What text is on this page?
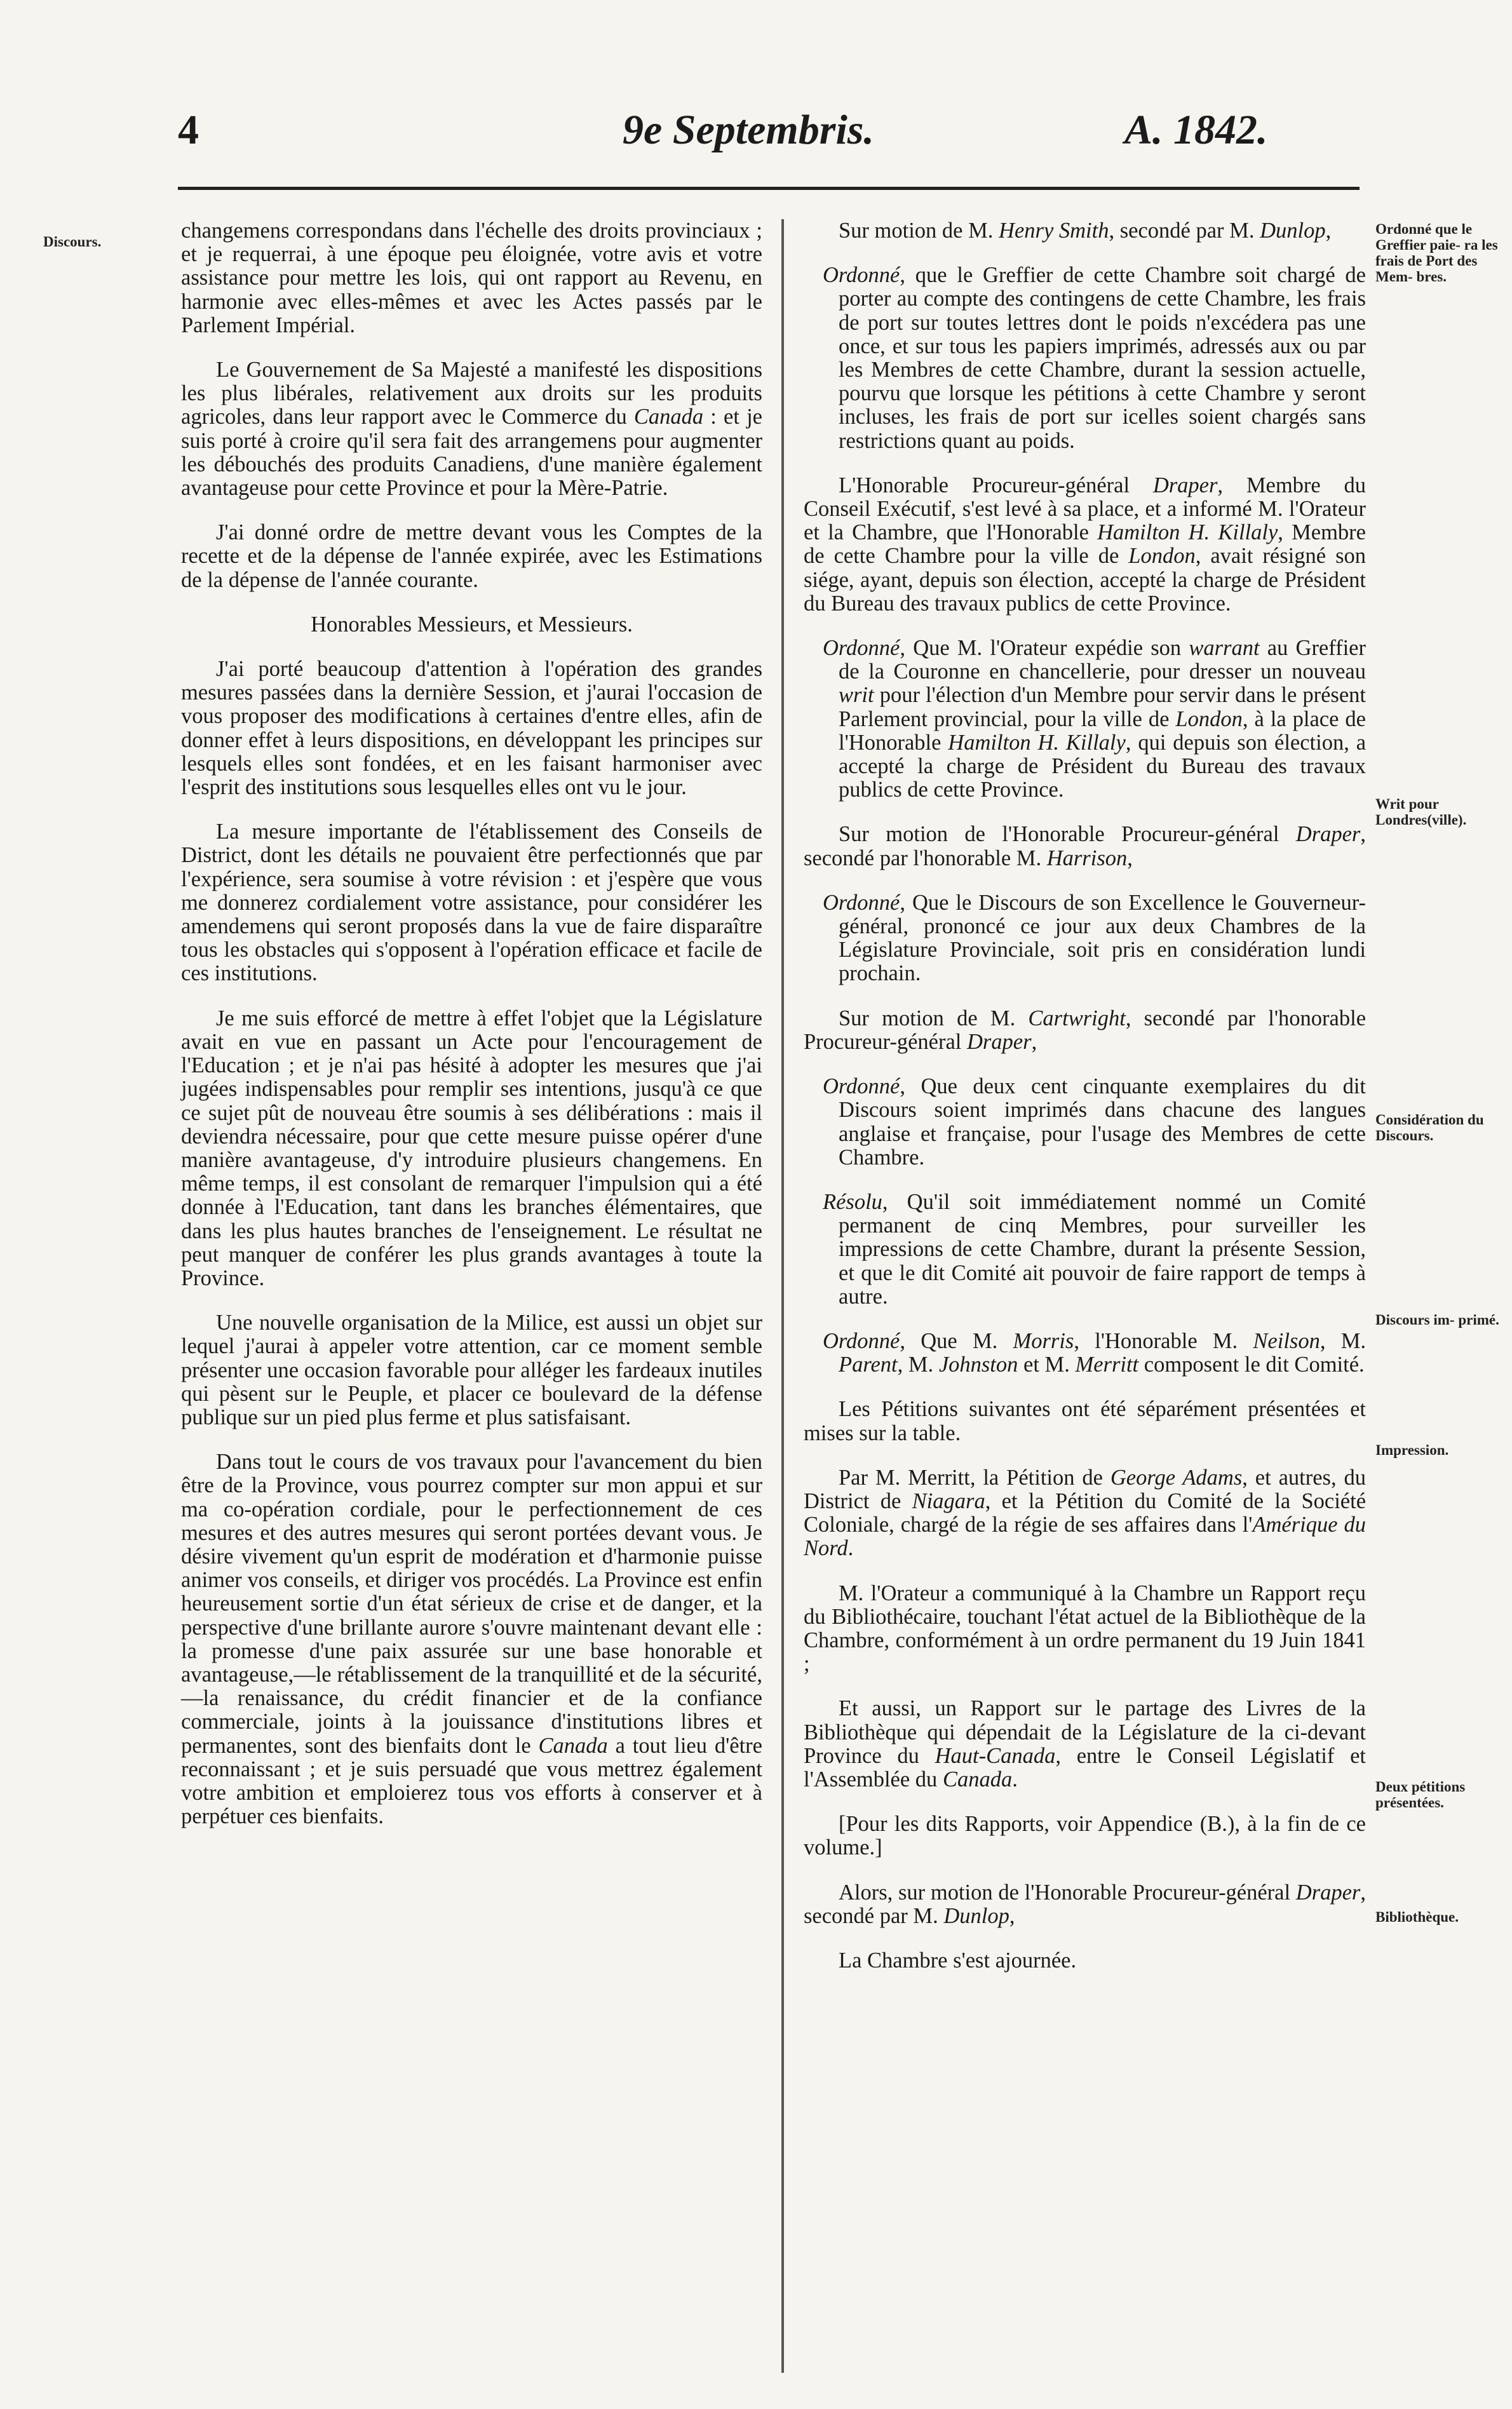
4	9e Septembris.	A. 1842.
Discours.
Ordonné que le Greffier paie- ra les frais de Port des Mem- bres.
Writ pour Londres(ville).
Considération du Discours.
Discours im- primé.
Impression.
Deux pétitions présentées.
Bibliothèque.

changemens correspondans dans l'échelle des droits provinciaux ; et je requerrai, à une époque peu éloignée, votre avis et votre assistance pour mettre les lois, qui ont rapport au Revenu, en harmonie avec elles-mêmes et avec les Actes passés par le Parlement Impérial.

Le Gouvernement de Sa Majesté a manifesté les dispositions les plus libérales, relativement aux droits sur les produits agricoles, dans leur rapport avec le Commerce du Canada : et je suis porté à croire qu'il sera fait des arrangemens pour augmenter les débouchés des produits Canadiens, d'une manière également avantageuse pour cette Province et pour la Mère-Patrie.

J'ai donné ordre de mettre devant vous les Comptes de la recette et de la dépense de l'année expirée, avec les Estimations de la dépense de l'année courante.

Honorables Messieurs, et Messieurs.

J'ai porté beaucoup d'attention à l'opération des grandes mesures passées dans la dernière Session, et j'aurai l'occasion de vous proposer des modifications à certaines d'entre elles, afin de donner effet à leurs dispositions, en développant les principes sur lesquels elles sont fondées, et en les faisant harmoniser avec l'esprit des institutions sous lesquelles elles ont vu le jour.

La mesure importante de l'établissement des Conseils de District, dont les détails ne pouvaient être perfectionnés que par l'expérience, sera soumise à votre révision : et j'espère que vous me donnerez cordialement votre assistance, pour considérer les amendemens qui seront proposés dans la vue de faire disparaître tous les obstacles qui s'opposent à l'opération efficace et facile de ces institutions.

Je me suis efforcé de mettre à effet l'objet que la Législature avait en vue en passant un Acte pour l'encouragement de l'Education ; et je n'ai pas hésité à adopter les mesures que j'ai jugées indispensables pour remplir ses intentions, jusqu'à ce que ce sujet pût de nouveau être soumis à ses délibérations : mais il deviendra nécessaire, pour que cette mesure puisse opérer d'une manière avantageuse, d'y introduire plusieurs changemens. En même temps, il est consolant de remarquer l'impulsion qui a été donnée à l'Education, tant dans les branches élémentaires, que dans les plus hautes branches de l'enseignement. Le résultat ne peut manquer de conférer les plus grands avantages à toute la Province.

Une nouvelle organisation de la Milice, est aussi un objet sur lequel j'aurai à appeler votre attention, car ce moment semble présenter une occasion favorable pour alléger les fardeaux inutiles qui pèsent sur le Peuple, et placer ce boulevard de la défense publique sur un pied plus ferme et plus satisfaisant.

Dans tout le cours de vos travaux pour l'avancement du bien être de la Province, vous pourrez compter sur mon appui et sur ma co-opération cordiale, pour le perfectionnement de ces mesures et des autres mesures qui seront portées devant vous. Je désire vivement qu'un esprit de modération et d'harmonie puisse animer vos conseils, et diriger vos procédés. La Province est enfin heureusement sortie d'un état sérieux de crise et de danger, et la perspective d'une brillante aurore s'ouvre maintenant devant elle : la promesse d'une paix assurée sur une base honorable et avantageuse,—le rétablissement de la tranquillité et de la sécurité,—la renaissance, du crédit financier et de la confiance commerciale, joints à la jouissance d'institutions libres et permanentes, sont des bienfaits dont le Canada a tout lieu d'être reconnaissant ; et je suis persuadé que vous mettrez également votre ambition et emploierez tous vos efforts à conserver et à perpétuer ces bienfaits.

Sur motion de M. Henry Smith, secondé par M. Dunlop,

Ordonné, que le Greffier de cette Chambre soit chargé de porter au compte des contingens de cette Chambre, les frais de port sur toutes lettres dont le poids n'excédera pas une once, et sur tous les papiers imprimés, adressés aux ou par les Membres de cette Chambre, durant la session actuelle, pourvu que lorsque les pétitions à cette Chambre y seront incluses, les frais de port sur icelles soient chargés sans restrictions quant au poids.

L'Honorable Procureur-général Draper, Membre du Conseil Exécutif, s'est levé à sa place, et a informé M. l'Orateur et la Chambre, que l'Honorable Hamilton H. Killaly, Membre de cette Chambre pour la ville de London, avait résigné son siége, ayant, depuis son élection, accepté la charge de Président du Bureau des travaux publics de cette Province.

Ordonné, Que M. l'Orateur expédie son warrant au Greffier de la Couronne en chancellerie, pour dresser un nouveau writ pour l'élection d'un Membre pour servir dans le présent Parlement provincial, pour la ville de London, à la place de l'Honorable Hamilton H. Killaly, qui depuis son élection, a accepté la charge de Président du Bureau des travaux publics de cette Province.

Sur motion de l'Honorable Procureur-général Draper, secondé par l'honorable M. Harrison,

Ordonné, Que le Discours de son Excellence le Gouverneur-général, prononcé ce jour aux deux Chambres de la Législature Provinciale, soit pris en considération lundi prochain.

Sur motion de M. Cartwright, secondé par l'honorable Procureur-général Draper,

Ordonné, Que deux cent cinquante exemplaires du dit Discours soient imprimés dans chacune des langues anglaise et française, pour l'usage des Membres de cette Chambre.

Résolu, Qu'il soit immédiatement nommé un Comité permanent de cinq Membres, pour surveiller les impressions de cette Chambre, durant la présente Session, et que le dit Comité ait pouvoir de faire rapport de temps à autre.

Ordonné, Que M. Morris, l'Honorable M. Neilson, M. Parent, M. Johnston et M. Merritt composent le dit Comité.

Les Pétitions suivantes ont été séparément présentées et mises sur la table.

Par M. Merritt, la Pétition de George Adams, et autres, du District de Niagara, et la Pétition du Comité de la Société Coloniale, chargé de la régie de ses affaires dans l'Amérique du Nord.

M. l'Orateur a communiqué à la Chambre un Rapport reçu du Bibliothécaire, touchant l'état actuel de la Bibliothèque de la Chambre, conformément à un ordre permanent du 19 Juin 1841 ;

Et aussi, un Rapport sur le partage des Livres de la Bibliothèque qui dépendait de la Législature de la ci-devant Province du Haut-Canada, entre le Conseil Législatif et l'Assemblée du Canada.

[Pour les dits Rapports, voir Appendice (B.), à la fin de ce volume.]

Alors, sur motion de l'Honorable Procureur-général Draper, secondé par M. Dunlop,

La Chambre s'est ajournée.
